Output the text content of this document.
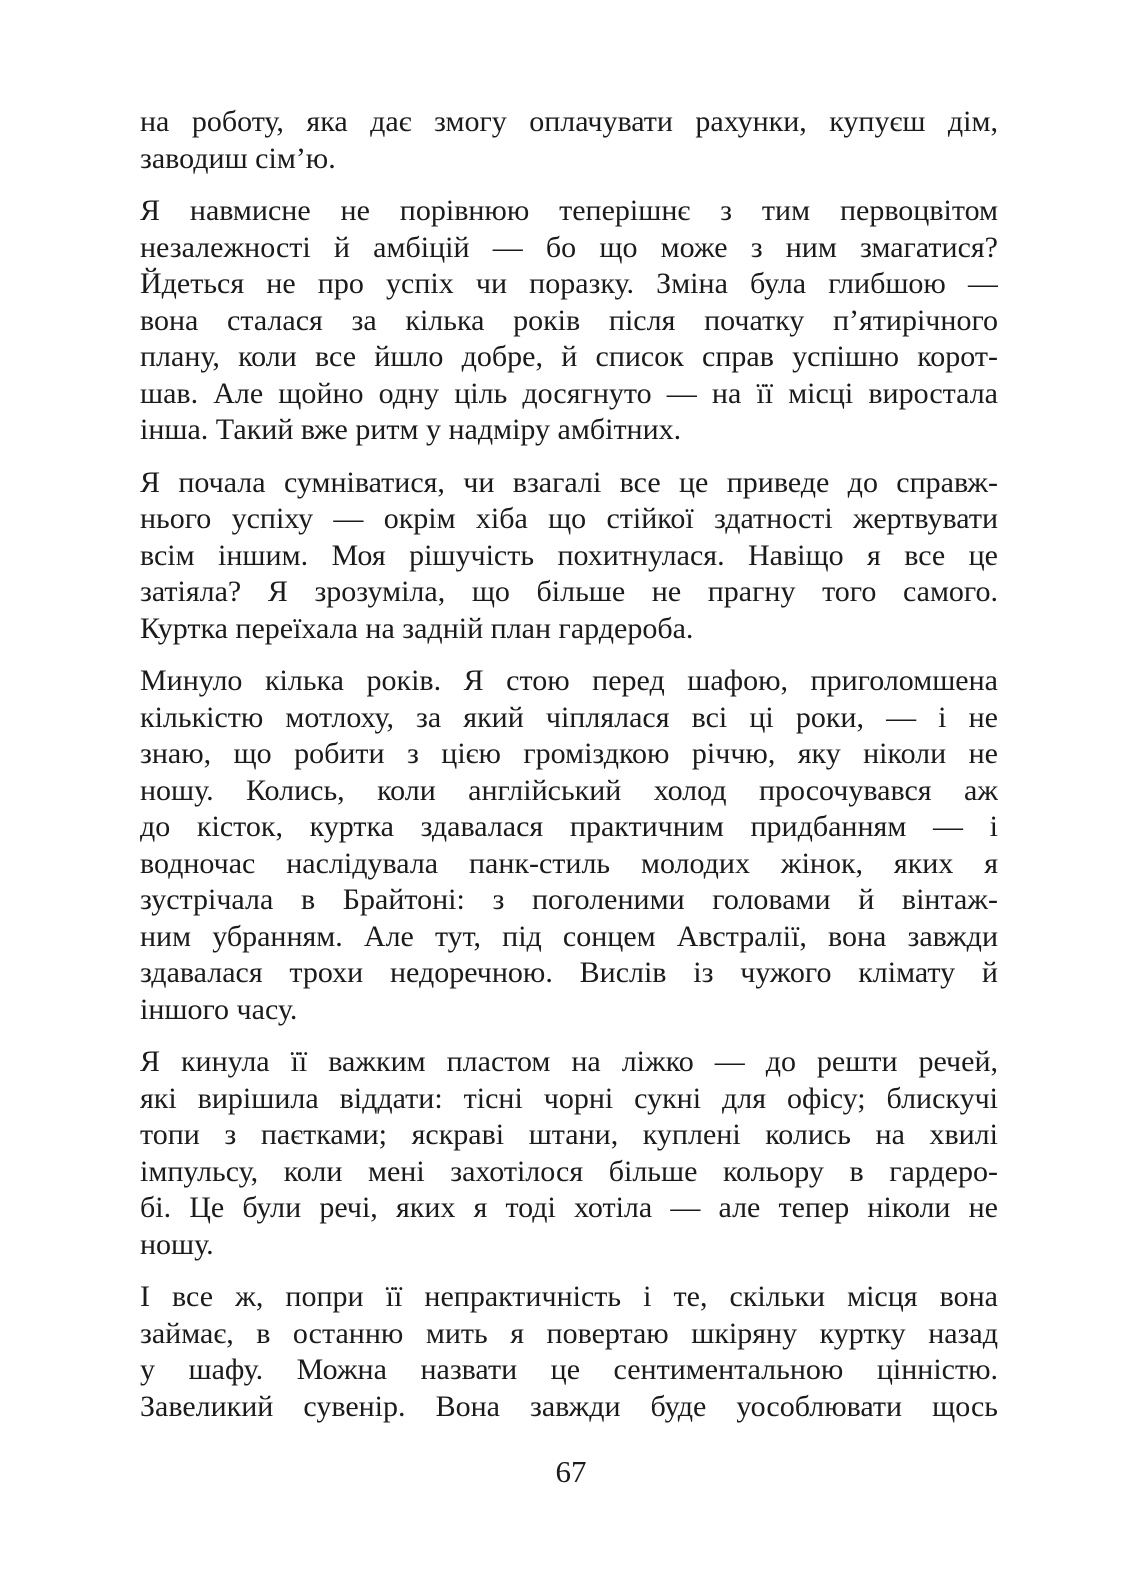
на роботу, яка дає змогу оплачувати рахунки, купуєш дім,
заводиш сім’ю.

Я навмисне не порівнюю теперішнє з тим первоцвітом
незалежності й амбіцій — бо що може з ним змагатися?
Йдеться не про успіх чи поразку. Зміна була глибшою —
вона сталася за кілька років після початку п’ятирічного
плану, коли все йшло добре, й список справ успішно корот-
шав. Але щойно одну ціль досягнуто — на її місці виростала
інша. Такий вже ритм у надміру амбітних.

Я почала сумніватися, чи взагалі все це приведе до справж-
нього успіху — окрім хіба що стійкої здатності жертвувати
всім іншим. Моя рішучість похитнулася. Навіщо я все це
затіяла? Я зрозуміла, що більше не прагну того самого.
Куртка переїхала на задній план гардероба.

Минуло кілька років. Я стою перед шафою, приголомшена
кількістю мотлоху, за який чіплялася всі ці роки, — і не
знаю, що робити з цією громіздкою річчю, яку ніколи не
ношу. Колись, коли англійський холод просочувався аж
до кісток, куртка здавалася практичним придбанням — і
водночас наслідувала панк-стиль молодих жінок, яких я
зустрічала в Брайтоні: з поголеними головами й вінтаж-
ним убранням. Але тут, під сонцем Австралії, вона завжди
здавалася трохи недоречною. Вислів із чужого клімату й
іншого часу.

Я кинула її важким пластом на ліжко — до решти речей,
які вирішила віддати: тісні чорні сукні для офісу; блискучі
топи з паєтками; яскраві штани, куплені колись на хвилі
імпульсу, коли мені захотілося більше кольору в гардеро-
бі. Це були речі, яких я тоді хотіла — але тепер ніколи не
ношу.

І все ж, попри її непрактичність і те, скільки місця вона
займає, в останню мить я повертаю шкіряну куртку назад
у шафу. Можна назвати це сентиментальною цінністю.
Завеликий сувенір. Вона завжди буде уособлювати щось

67
